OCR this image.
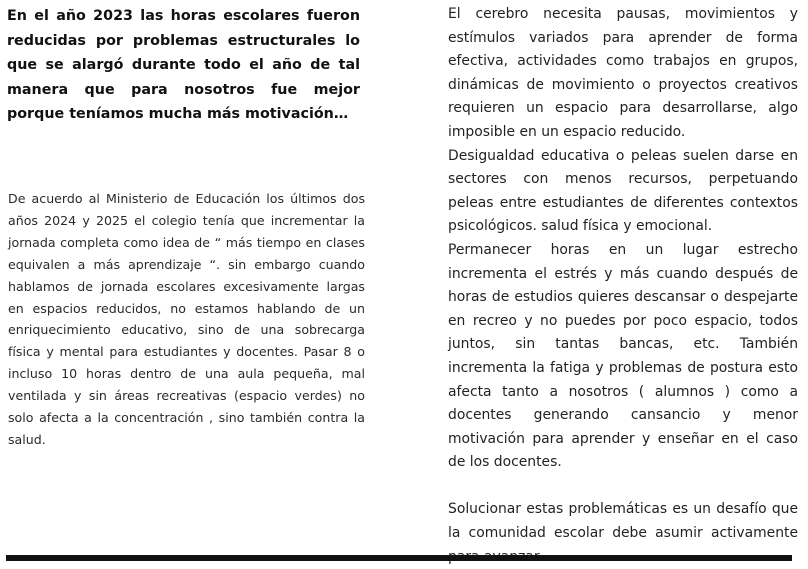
En el año 2023 las horas escolares fueron reducidas por problemas estructurales lo que se alargó durante todo el año de tal manera que para nosotros fue mejor porque teníamos mucha más motivación…

De acuerdo al Ministerio de Educación los últimos dos años 2024 y 2025 el colegio tenía que incrementar la jornada completa como idea de “ más tiempo en clases equivalen a más aprendizaje “. sin embargo cuando hablamos de jornada escolares excesivamente largas en espacios reducidos, no estamos hablando de un enriquecimiento educativo, sino de una sobrecarga física y mental para estudiantes y docentes. Pasar 8 o incluso 10 horas dentro de una aula pequeña, mal ventilada y sin áreas recreativas (espacio verdes) no solo afecta a la concentración , sino también contra la salud.

El cerebro necesita pausas, movimientos y estímulos variados para aprender de forma efectiva, actividades como trabajos en grupos, dinámicas de movimiento o proyectos creativos requieren un espacio para desarrollarse, algo imposible en un espacio reducido.

Desigualdad educativa o peleas suelen darse en sectores con menos recursos, perpetuando peleas entre estudiantes de diferentes contextos psicológicos. salud física y emocional.

Permanecer horas en un lugar estrecho incrementa el estrés y más cuando después de horas de estudios quieres descansar o despejarte en recreo y no puedes por poco espacio, todos juntos, sin tantas bancas, etc. También incrementa la fatiga y problemas de postura esto afecta tanto a nosotros ( alumnos ) como a docentes generando cansancio y menor motivación para aprender y enseñar en el caso de los docentes.

Solucionar estas problemáticas es un desafío que la comunidad escolar debe asumir activamente
